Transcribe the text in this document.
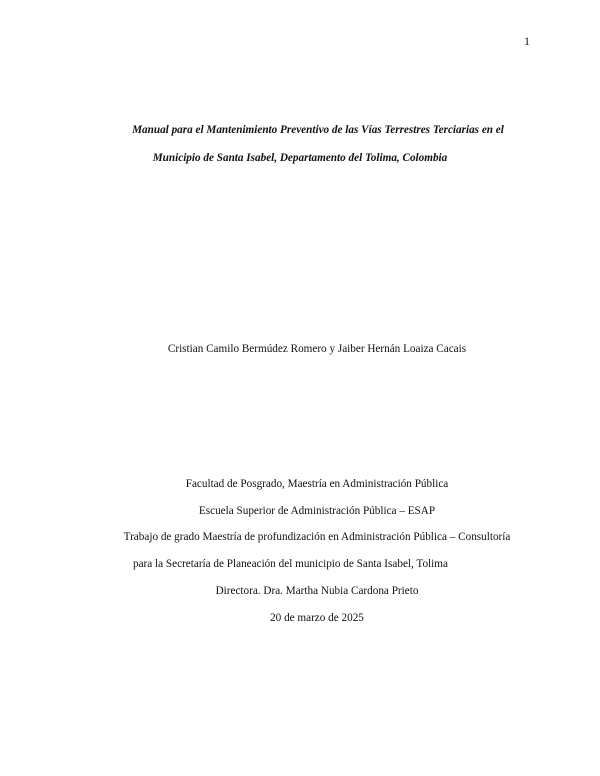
1
Manual para el Mantenimiento Preventivo de las Vías Terrestres Terciarias en el
Municipio de Santa Isabel, Departamento del Tolima, Colombia
Cristian Camilo Bermúdez Romero y Jaiber Hernán Loaiza Cacais
Facultad de Posgrado, Maestría en Administración Pública
Escuela Superior de Administración Pública – ESAP
Trabajo de grado Maestría de profundización en Administración Pública – Consultoría
para la Secretaría de Planeación del municipio de Santa Isabel, Tolima
Directora. Dra. Martha Nubia Cardona Prieto
20 de marzo de 2025
